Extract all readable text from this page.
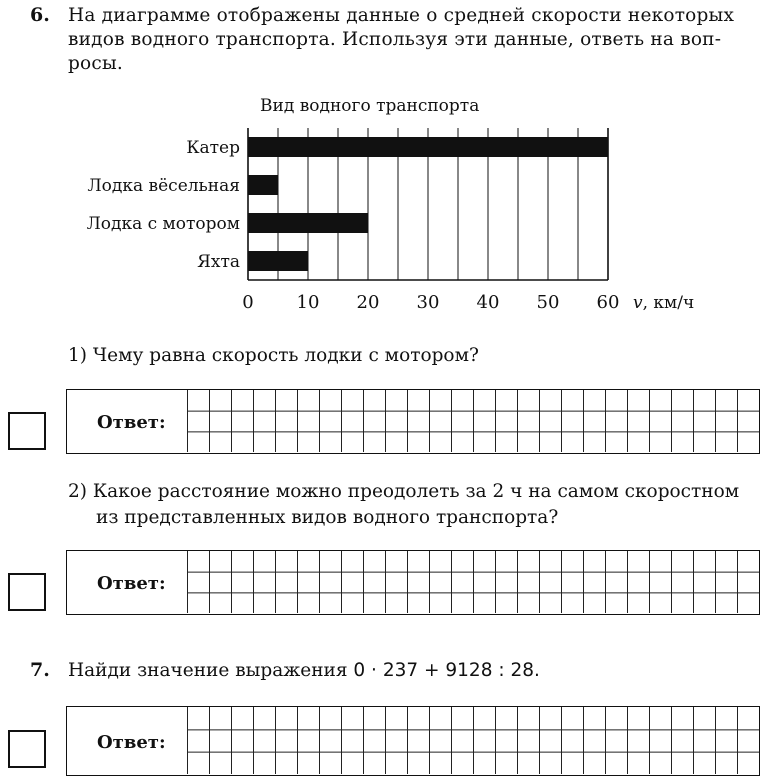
6. На диаграмме отображены данные о средней скорости некоторых
видов водного транспорта. Используя эти данные, ответь на воп-
росы.
Вид водного транспорта
Катер
Лодка вёсельная
Лодка с мотором
Яхта
0 10 20 30 40 50 60 v, км/ч
1) Чему равна скорость лодки с мотором?
Ответ:
2) Какое расстояние можно преодолеть за 2 ч на самом скоростном
из представленных видов водного транспорта?
Ответ:
7. Найди значение выражения 0 · 237 + 9128 : 28.
Ответ:
